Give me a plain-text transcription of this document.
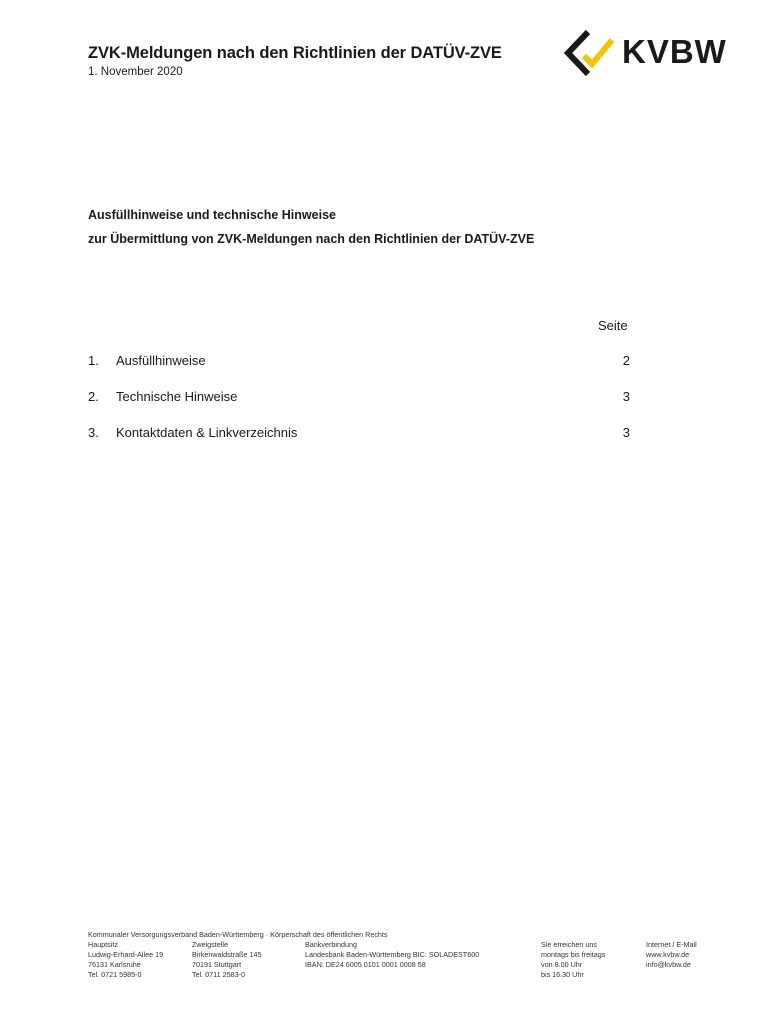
ZVK-Meldungen nach den Richtlinien der DATÜV-ZVE
1. November 2020
KVBW
Ausfüllhinweise und technische Hinweise
zur Übermittlung von ZVK-Meldungen nach den Richtlinien der DATÜV-ZVE
Seite
1. Ausfüllhinweise	2
2. Technische Hinweise	3
3. Kontaktdaten & Linkverzeichnis	3
Kommunaler Versorgungsverband Baden-Württemberg · Körperschaft des öffentlichen Rechts
Hauptsitz
Ludwig-Erhard-Allee 19
76131 Karlsruhe
Tel. 0721 5985-0
Zweigstelle
Birkenwaldstraße 145
70191 Stuttgart
Tel. 0711 2583-0
Bankverbindung
Landesbank Baden-Württemberg BIC: SOLADEST600
IBAN: DE24 6005 0101 0001 0008 58
Sie erreichen uns
montags bis freitags
von 8.00 Uhr
bis 16.30 Uhr
Internet / E-Mail
www.kvbw.de
info@kvbw.de
